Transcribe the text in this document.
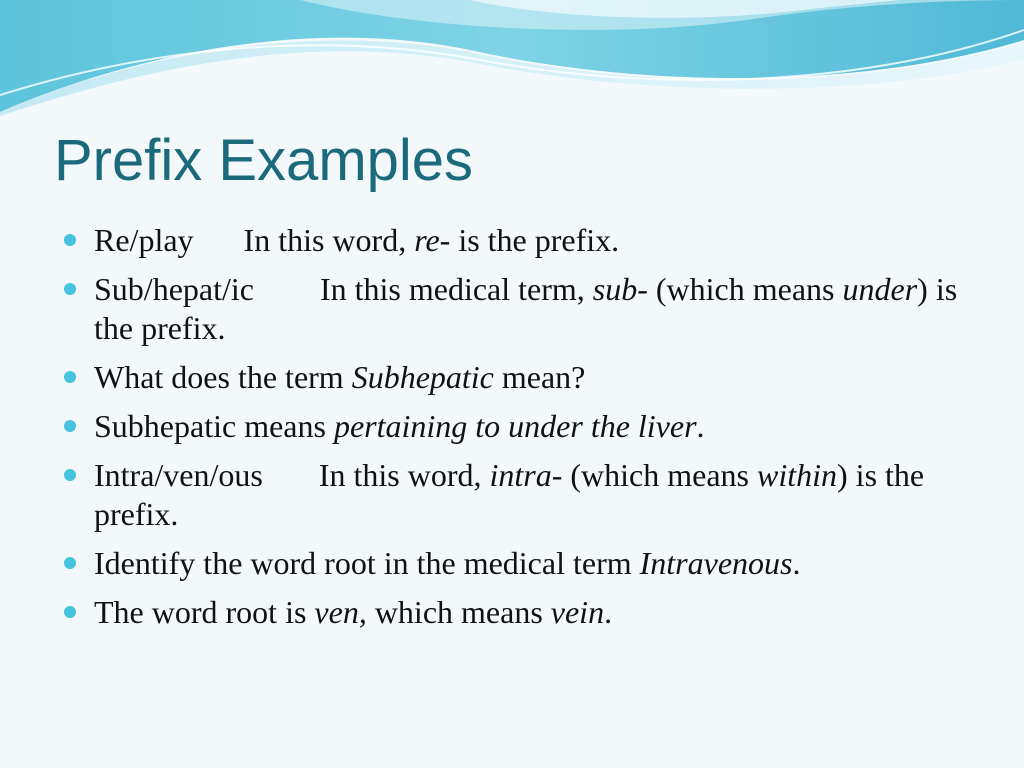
Prefix Examples
Re/play In this word, re- is the prefix.
Sub/hepat/ic In this medical term, sub- (which means under) is the prefix.
What does the term Subhepatic mean?
Subhepatic means pertaining to under the liver.
Intra/ven/ous In this word, intra- (which means within) is the prefix.
Identify the word root in the medical term Intravenous.
The word root is ven, which means vein.
